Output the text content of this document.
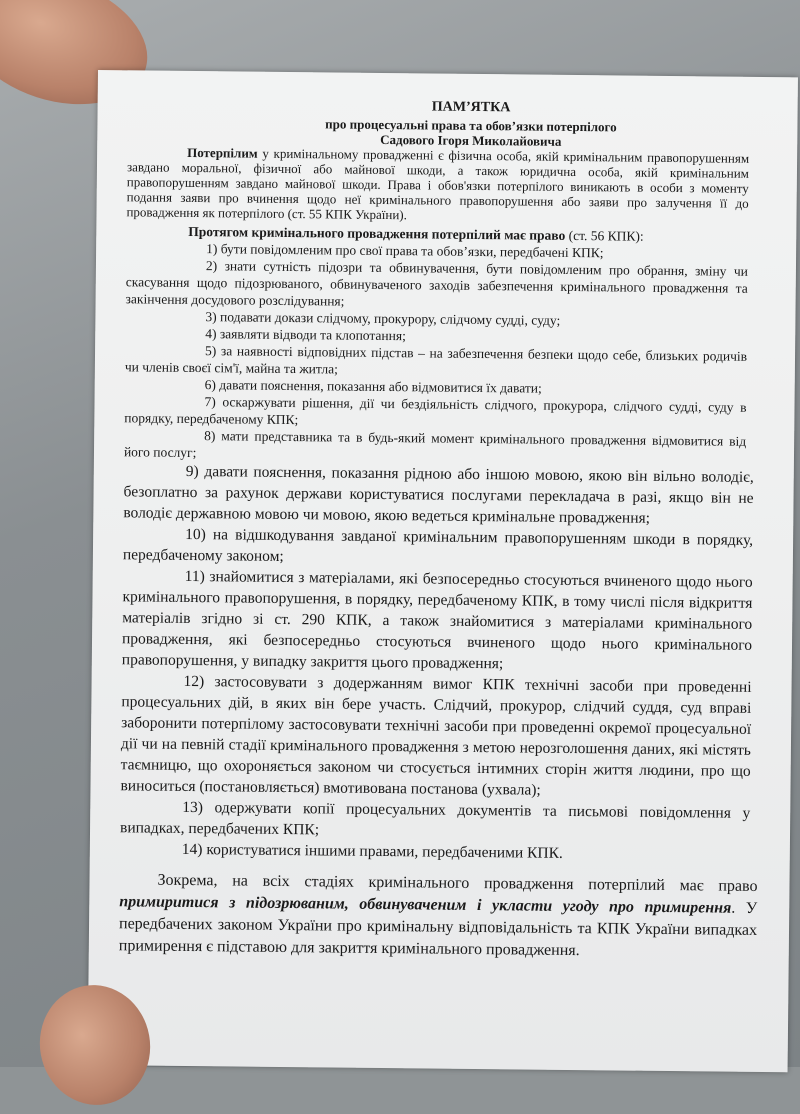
ПАМ’ЯТКА

про процесуальні права та обов’язки потерпілого

Садового Ігоря Миколайовича

Потерпілим у кримінальному провадженні є фізична особа, якій кримінальним правопорушенням завдано моральної, фізичної або майнової шкоди, а також юридична особа, якій кримінальним правопорушенням завдано майнової шкоди. Права і обов'язки потерпілого виникають в особи з моменту подання заяви про вчинення щодо неї кримінального правопорушення або заяви про залучення її до провадження як потерпілого (ст. 55 КПК України).

Протягом кримінального провадження потерпілий має право (ст. 56 КПК):

1) бути повідомленим про свої права та обов’язки, передбачені КПК;
2) знати сутність підозри та обвинувачення, бути повідомленим про обрання, зміну чи скасування щодо підозрюваного, обвинуваченого заходів забезпечення кримінального провадження та закінчення досудового розслідування;
3) подавати докази слідчому, прокурору, слідчому судді, суду;
4) заявляти відводи та клопотання;
5) за наявності відповідних підстав – на забезпечення безпеки щодо себе, близьких родичів чи членів своєї сім'ї, майна та житла;
6) давати пояснення, показання або відмовитися їх давати;
7) оскаржувати рішення, дії чи бездіяльність слідчого, прокурора, слідчого судді, суду в порядку, передбаченому КПК;
8) мати представника та в будь-який момент кримінального провадження відмовитися від його послуг;
9) давати пояснення, показання рідною або іншою мовою, якою він вільно володіє, безоплатно за рахунок держави користуватися послугами перекладача в разі, якщо він не володіє державною мовою чи мовою, якою ведеться кримінальне провадження;
10) на відшкодування завданої кримінальним правопорушенням шкоди в порядку, передбаченому законом;
11) знайомитися з матеріалами, які безпосередньо стосуються вчиненого щодо нього кримінального правопорушення, в порядку, передбаченому КПК, в тому числі після відкриття матеріалів згідно зі ст. 290 КПК, а також знайомитися з матеріалами кримінального провадження, які безпосередньо стосуються вчиненого щодо нього кримінального правопорушення, у випадку закриття цього провадження;
12) застосовувати з додержанням вимог КПК технічні засоби при проведенні процесуальних дій, в яких він бере участь. Слідчий, прокурор, слідчий суддя, суд вправі заборонити потерпілому застосовувати технічні засоби при проведенні окремої процесуальної дії чи на певній стадії кримінального провадження з метою нерозголошення даних, які містять таємницю, що охороняється законом чи стосується інтимних сторін життя людини, про що виноситься (постановляється) вмотивована постанова (ухвала);
13) одержувати копії процесуальних документів та письмові повідомлення у випадках, передбачених КПК;
14) користуватися іншими правами, передбаченими КПК.

Зокрема, на всіх стадіях кримінального провадження потерпілий має право примиритися з підозрюваним, обвинуваченим і укласти угоду про примирення. У передбачених законом України про кримінальну відповідальність та КПК України випадках примирення є підставою для закриття кримінального провадження.
